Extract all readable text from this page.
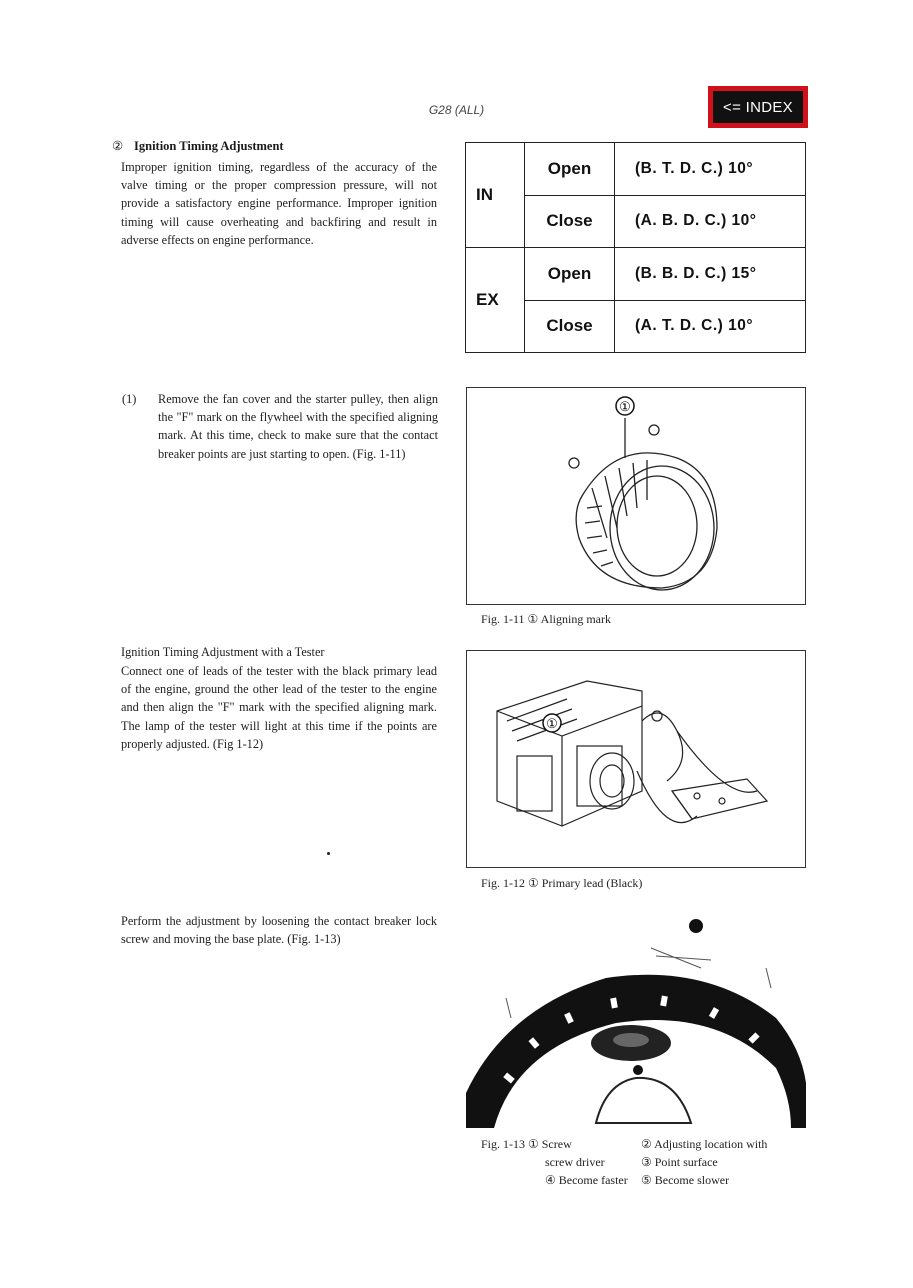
G28 (ALL)	<= INDEX
② Ignition Timing Adjustment
Improper ignition timing, regardless of the accuracy of the valve timing or the proper compression pressure, will not provide a satisfactory engine performance. Improper ignition timing will cause overheating and backfiring and result in adverse effects on engine performance.
IN	Open	(B. T. D. C.) 10°
	Close	(A. B. D. C.) 10°
EX	Open	(B. B. D. C.) 15°
	Close	(A. T. D. C.) 10°
(1) Remove the fan cover and the starter pulley, then align the "F" mark on the flywheel with the specified aligning mark. At this time, check to make sure that the contact breaker points are just starting to open. (Fig. 1-11)
①
Fig. 1-11 ① Aligning mark
Ignition Timing Adjustment with a Tester
Connect one of leads of the tester with the black primary lead of the engine, ground the other lead of the tester to the engine and then align the "F" mark with the specified aligning mark. The lamp of the tester will light at this time if the points are properly adjusted. (Fig 1-12)
①
Fig. 1-12 ① Primary lead (Black)
Perform the adjustment by loosening the contact breaker lock screw and moving the base plate. (Fig. 1-13)
Fig. 1-13 ① Screw	② Adjusting location with
screw driver	③ Point surface
④ Become faster	⑤ Become slower
